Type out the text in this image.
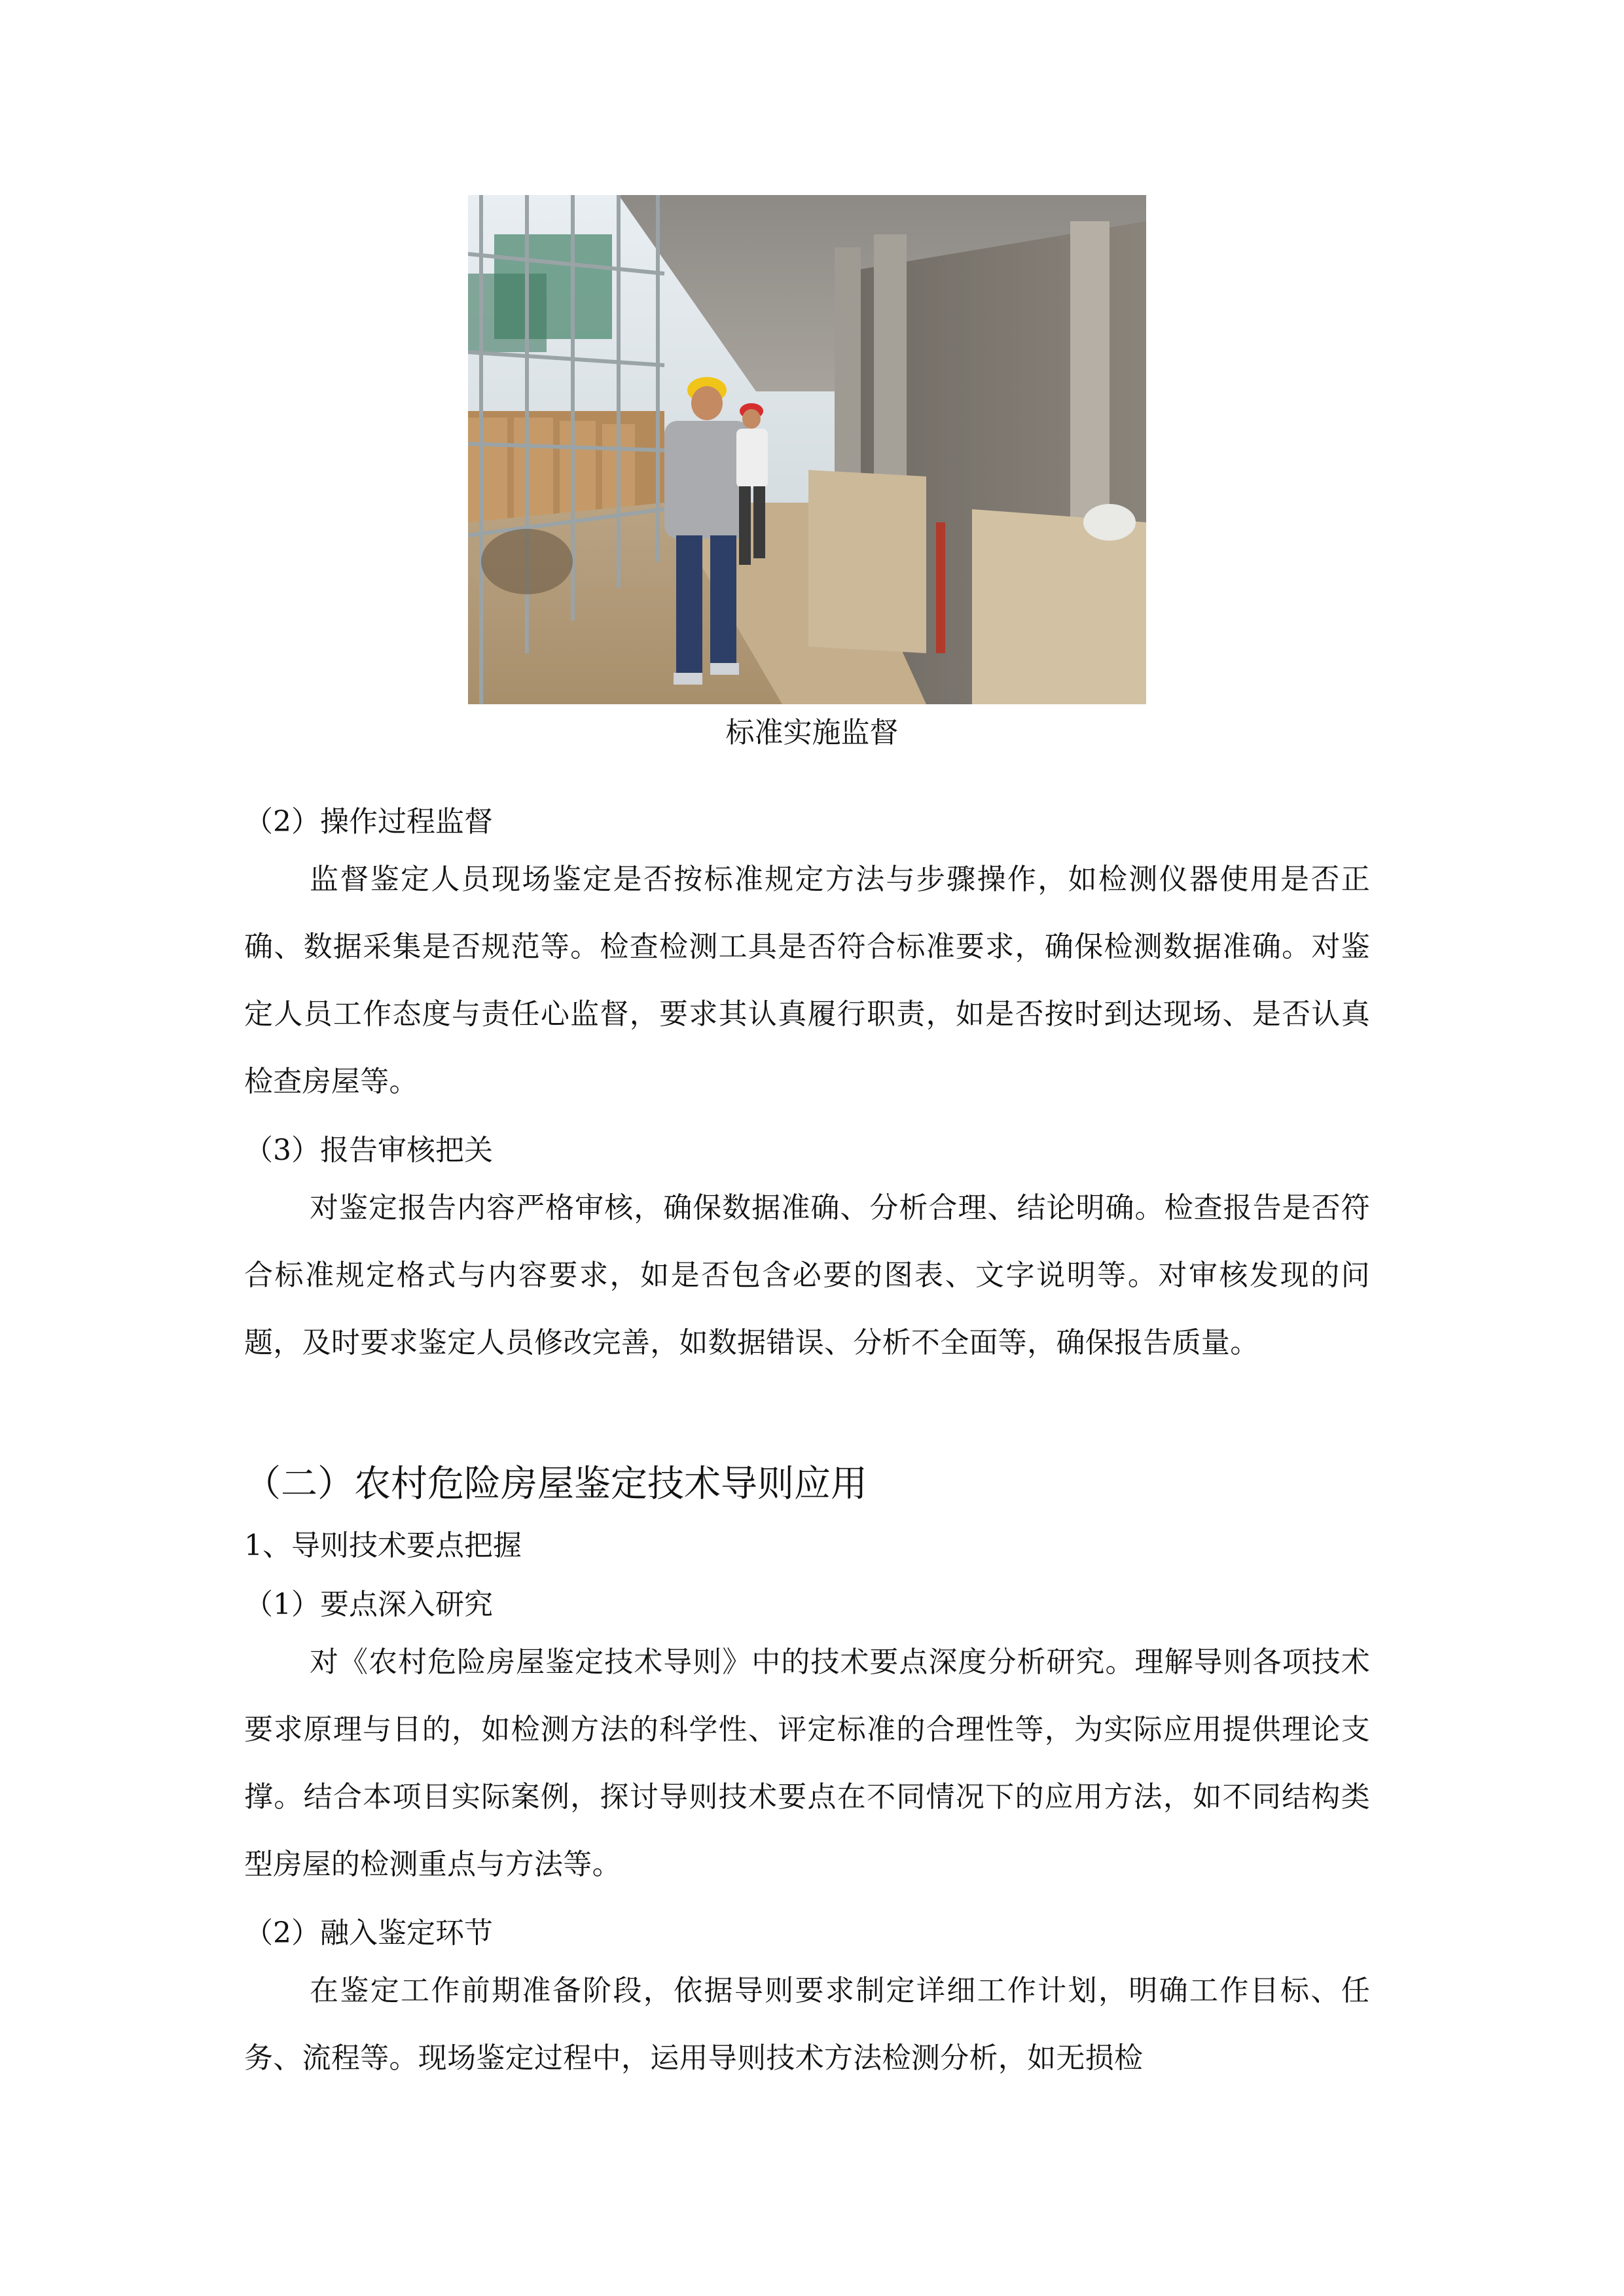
标准实施监督
（2）操作过程监督
监督鉴定人员现场鉴定是否按标准规定方法与步骤操作，如检测仪器使用是否正确、数据采集是否规范等。检查检测工具是否符合标准要求，确保检测数据准确。对鉴定人员工作态度与责任心监督，要求其认真履行职责，如是否按时到达现场、是否认真检查房屋等。
（3）报告审核把关
对鉴定报告内容严格审核，确保数据准确、分析合理、结论明确。检查报告是否符合标准规定格式与内容要求，如是否包含必要的图表、文字说明等。对审核发现的问题，及时要求鉴定人员修改完善，如数据错误、分析不全面等，确保报告质量。
（二）农村危险房屋鉴定技术导则应用
1、导则技术要点把握
（1）要点深入研究
对《农村危险房屋鉴定技术导则》中的技术要点深度分析研究。理解导则各项技术要求原理与目的，如检测方法的科学性、评定标准的合理性等，为实际应用提供理论支撑。结合本项目实际案例，探讨导则技术要点在不同情况下的应用方法，如不同结构类型房屋的检测重点与方法等。
（2）融入鉴定环节
在鉴定工作前期准备阶段，依据导则要求制定详细工作计划，明确工作目标、任务、流程等。现场鉴定过程中，运用导则技术方法检测分析，如无损检
